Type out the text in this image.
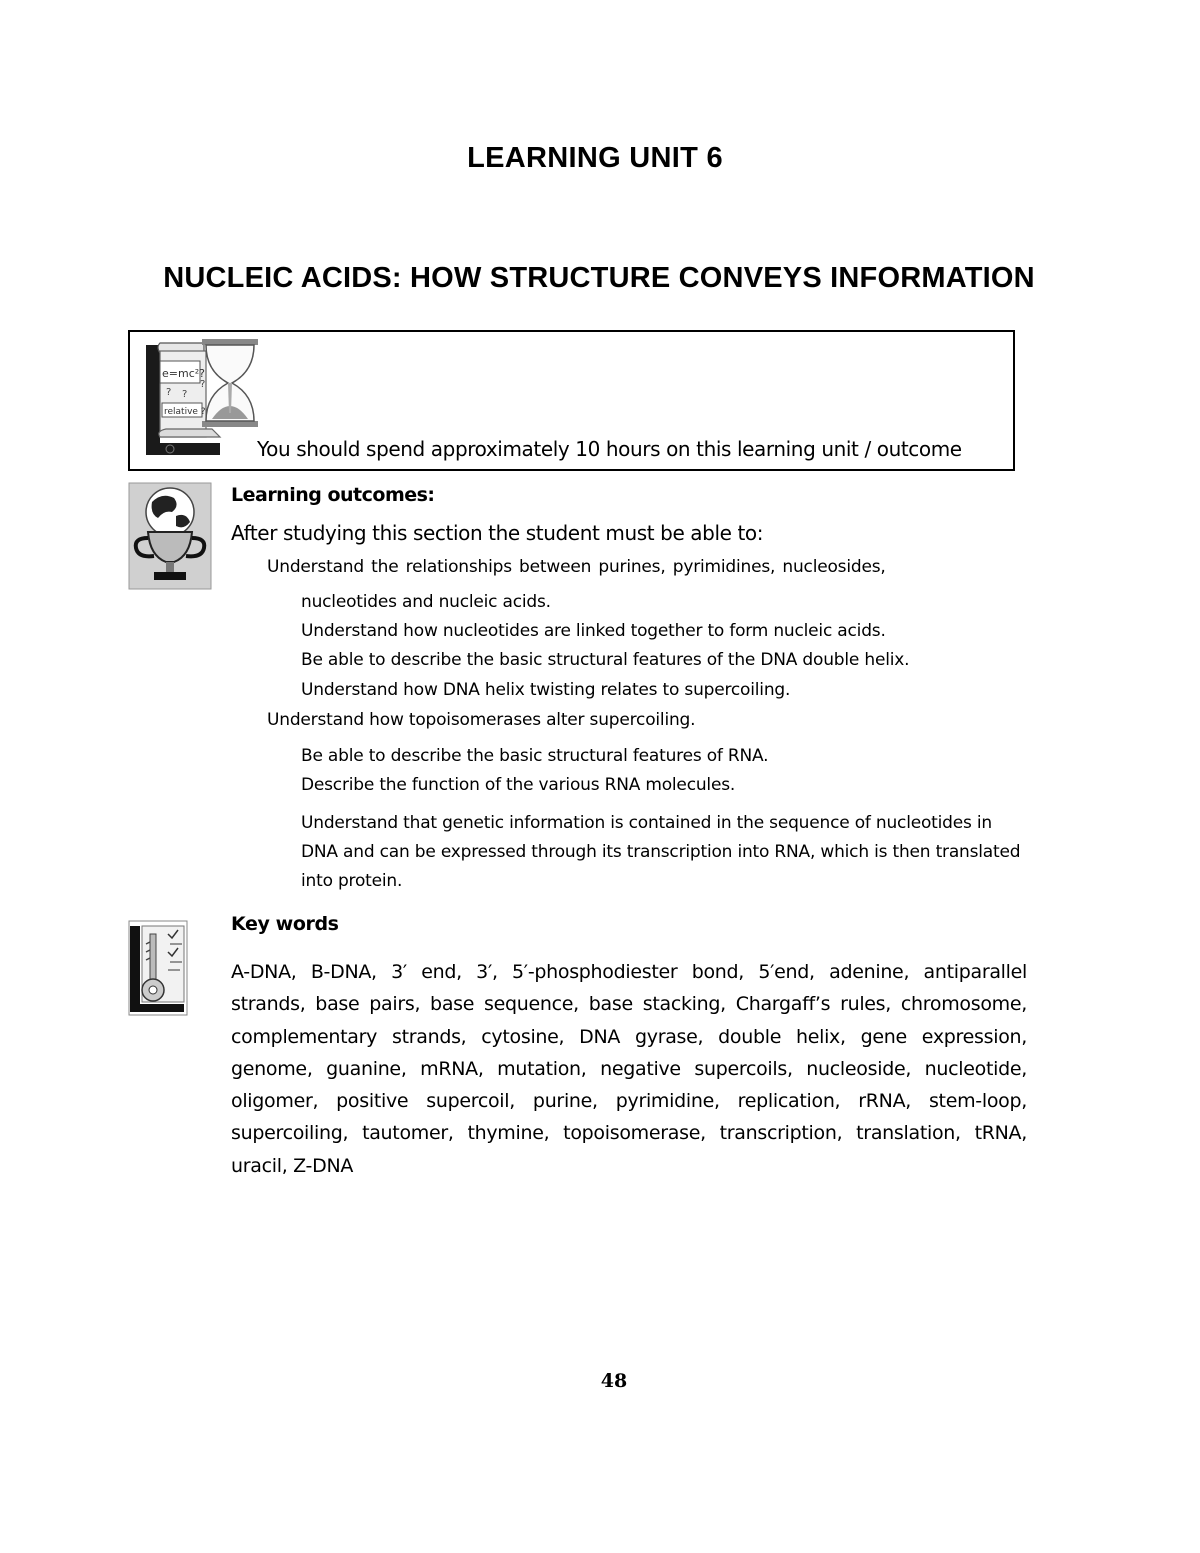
LEARNING UNIT 6
NUCLEIC ACIDS: HOW STRUCTURE CONVEYS INFORMATION
e=mc²?
? ?
?
relative ?
You should spend approximately 10 hours on this learning unit / outcome
Learning outcomes:
After studying this section the student must be able to:
Understand the relationships between purines, pyrimidines, nucleosides,
nucleotides and nucleic acids.
Understand how nucleotides are linked together to form nucleic acids.
Be able to describe the basic structural features of the DNA double helix.
Understand how DNA helix twisting relates to supercoiling.
Understand how topoisomerases alter supercoiling.
Be able to describe the basic structural features of RNA.
Describe the function of the various RNA molecules.
Understand that genetic information is contained in the sequence of nucleotides in DNA and can be expressed through its transcription into RNA, which is then translated into protein.
Key words
A-DNA, B-DNA, 3′ end, 3′, 5′-phosphodiester bond, 5′end, adenine, antiparallel strands, base pairs, base sequence, base stacking, Chargaff’s rules, chromosome, complementary strands, cytosine, DNA gyrase, double helix, gene expression, genome, guanine, mRNA, mutation, negative supercoils, nucleoside, nucleotide, oligomer, positive supercoil, purine, pyrimidine, replication, rRNA, stem-loop, supercoiling, tautomer, thymine, topoisomerase, transcription, translation, tRNA, uracil, Z-DNA
48
